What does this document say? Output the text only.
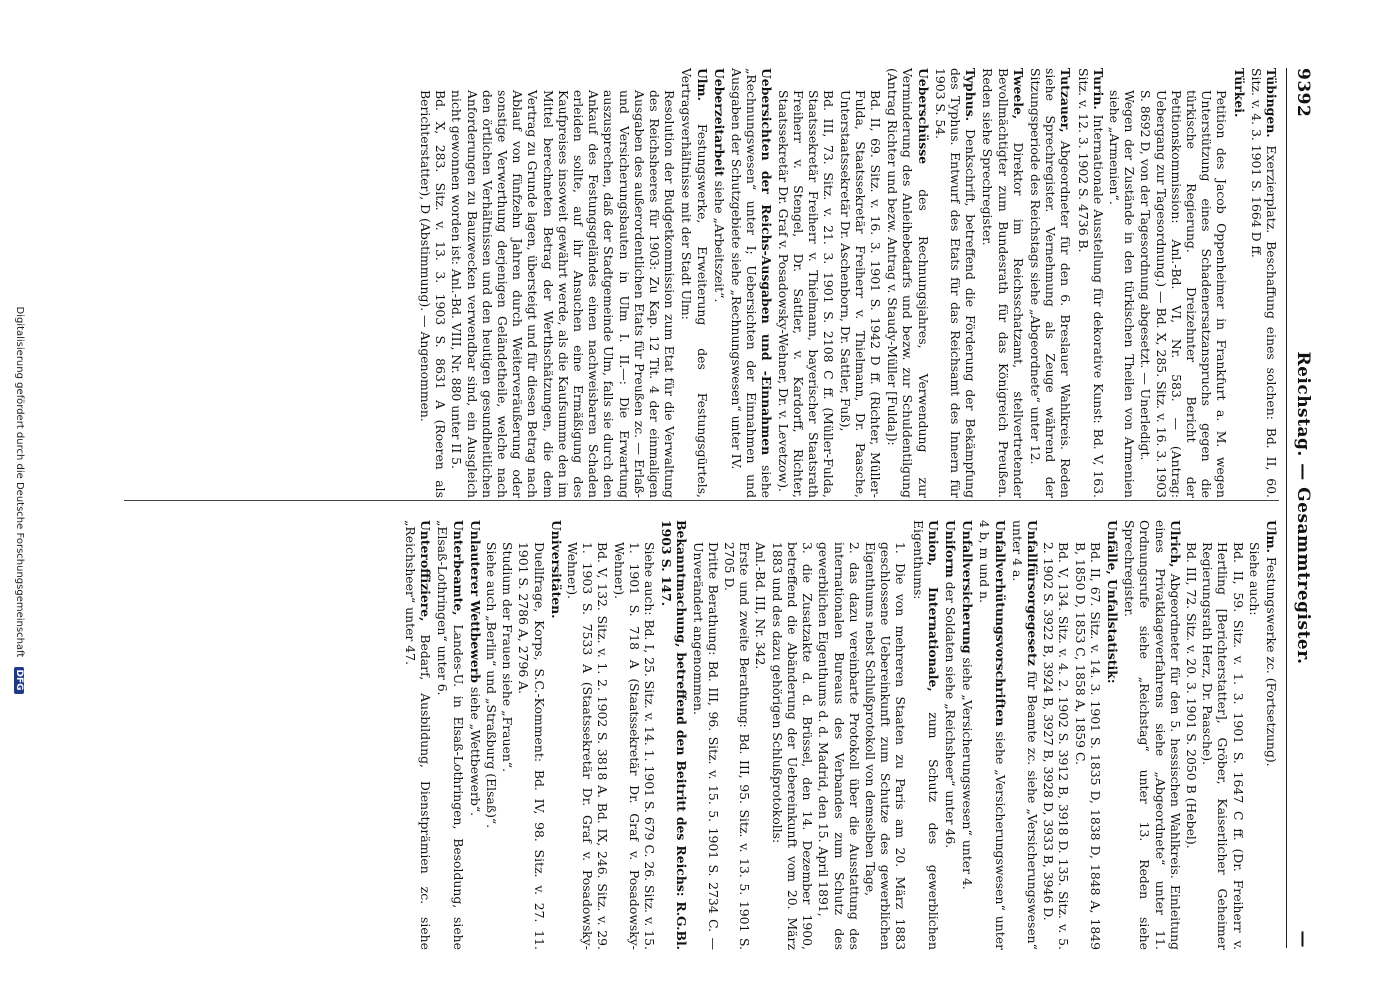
9392
Reichstag. — Gesammtregister.
—

Tübingen. Exerzierplatz. Beschaffung eines solchen: Bd. II, 60. Sitz. v. 4. 3. 1901 S. 1664 D ff.

Türkei.

Petition des Jacob Oppenheimer in Frankfurt a. M. wegen Unterstützung eines Schadenersatzanspruchs gegen die türkische Regierung. Dreizehnter Bericht der Petitionskommission: Anl.-Bd. VI, Nr. 583. — (Antrag: Uebergang zur Tagesordnung.) — Bd. X, 285. Sitz. v. 16. 3. 1903 S. 8692 D, von der Tagesordnung abgesetzt. — Unerledigt.

Wegen der Zustände in den türkischen Theilen von Armenien siehe „Armenien“.

Turin. Internationale Ausstellung für dekorative Kunst: Bd. V, 163. Sitz. v. 12. 3. 1902 S. 4736 B.

Tutzauer, Abgeordneter für den 6. Breslauer Wahlkreis. Reden siehe Sprechregister. Vernehmung als Zeuge während der Sitzungsperiode des Reichstags siehe „Abgeordnete“ unter 12.

Tweele, Direktor im Reichsschatzamt, stellvertretender Bevollmächtigter zum Bundesrath für das Königreich Preußen. Reden siehe Sprechregister.

Typhus. Denkschrift, betreffend die Förderung der Bekämpfung des Typhus. Entwurf des Etats für das Reichsamt des Innern für 1903 S. 54.

Ueberschüsse des Rechnungsjahres, Verwendung zur Verminderung des Anleihebedarfs und bezw. zur Schuldentilgung (Antrag Richter und bezw. Antrag v. Staudy-Müller [Fulda]):

Bd. II, 69. Sitz. v. 16. 3. 1901 S. 1942 D ff. (Richter, Müller-Fulda, Staatssekretär Freiherr v. Thielmann, Dr. Paasche, Unterstaatssekretär Dr. Aschenborn, Dr. Sattler, Fuß),

Bd. III, 73. Sitz. v. 21. 3. 1901 S. 2108 C ff. (Müller-Fulda, Staatssekretär Freiherr v. Thielmann, bayerischer Staatsrath Freiherr v. Stengel, Dr. Sattler, v. Kardorff, Richter, Staatssekretär Dr. Graf v. Posadowsky-Wehner, Dr. v. Levetzow).

Uebersichten der Reichs-Ausgaben und -Einnahmen siehe „Rechnungswesen“ unter I; Uebersichten der Einnahmen und Ausgaben der Schutzgebiete siehe „Rechnungswesen“ unter IV.

Ueberzeitarbeit siehe „Arbeitszeit“.

Ulm. Festungswerke, Erweiterung des Festungsgürtels, Vertragsverhältnisse mit der Stadt Ulm:

Resolution der Budgetkommission zum Etat für die Verwaltung des Reichsheeres für 1903: Zu Kap. 12 Tit. 4 der einmaligen Ausgaben des außerordentlichen Etats für Preußen zc. — Erlaß- und Versicherungsbauten in Ulm I. II.—: Die Erwartung auszusprechen, daß der Stadtgemeinde Ulm, falls sie durch den Ankauf des Festungsgeländes einen nachweisbaren Schaden erleiden sollte, auf ihr Ansuchen eine Ermäßigung des Kaufpreises insoweit gewährt werde, als die Kaufsumme den im Mittel berechneten Betrag der Werthschätzungen, die dem Vertrag zu Grunde lagen, übersteigt und für diesen Betrag nach Ablauf von fünfzehn Jahren durch Weiterveräußerung oder sonstige Verwerthung derjenigen Geländetheile, welche nach den örtlichen Verhältnissen und den heutigen gesundheitlichen Anforderungen zu Bauzwecken verwendbar sind, ein Ausgleich nicht gewonnen worden ist: Anl.-Bd. VIII, Nr. 880 unter II 5.

Bd. X, 283. Sitz. v. 13. 3. 1903 S. 8631 A (Roeren als Berichterstatter), D (Abstimmung). — Angenommen.

Ulm. Festungswerke zc. (Fortsetzung).

Siehe auch:

Bd. II, 59. Sitz. v. 1. 3. 1901 S. 1647 C ff. (Dr. Freiherr v. Hertling [Berichterstatter], Gröber, Kaiserlicher Geheimer Regierungsrath Herz, Dr. Paasche).

Bd. III, 72. Sitz. v. 20. 3. 1901 S. 2050 B (Hebel).

Ulrich, Abgeordneter für den 5. hessischen Wahlkreis. Einleitung eines Privatklageverfahrens siehe „Abgeordnete“ unter 11. Ordnungsrufe siehe „Reichstag“ unter 13. Reden siehe Sprechregister.

Unfälle, Unfallstatistik:

Bd. II, 67. Sitz. v. 14. 3. 1901 S. 1835 D, 1838 D, 1848 A, 1849 B, 1850 D, 1853 C, 1858 A, 1859 C.

Bd. V, 134. Sitz. v. 4. 2. 1902 S. 3912 B, 3918 D. 135. Sitz. v. 5. 2. 1902 S. 3922 B, 3924 B, 3927 B, 3928 D, 3933 B, 3946 D.

Unfallfürsorgegesetz für Beamte zc. siehe „Versicherungswesen“ unter 4 a.

Unfallverhütungsvorschriften siehe „Versicherungswesen“ unter 4 b, m und n.

Unfallversicherung siehe „Versicherungswesen“ unter 4.

Uniform der Soldaten siehe „Reichsheer“ unter 46.

Union, Internationale, zum Schutz des gewerblichen Eigenthums:

1. Die von mehreren Staaten zu Paris am 20. März 1883 geschlossene Uebereinkunft zum Schutze des gewerblichen Eigenthums nebst Schlußprotokoll von demselben Tage,

2. das dazu vereinbarte Protokoll über die Ausstattung des internationalen Bureaus des Verbandes zum Schutz des gewerblichen Eigenthums d. d. Madrid, den 15. April 1891,

3. die Zusatzakte d. d. Brüssel, den 14. Dezember 1900, betreffend die Abänderung der Uebereinkunft vom 20. März 1883 und des dazu gehörigen Schlußprotokolls:

Anl.-Bd. III, Nr. 342.

Erste und zweite Berathung: Bd. III, 95. Sitz. v. 13. 5. 1901 S. 2705 D.

Dritte Berathung: Bd. III, 96. Sitz. v. 15. 5. 1901 S. 2734 C. — Unverändert angenommen.

Bekanntmachung, betreffend den Beitritt des Reichs: R.G.Bl. 1903 S. 147.

Siehe auch: Bd. I, 25. Sitz. v. 14. 1. 1901 S. 679 C. 26. Sitz. v. 15. 1. 1901 S. 718 A (Staatssekretär Dr. Graf v. Posadowsky-Wehner).

Bd. V, 132. Sitz. v. 1. 2. 1902 S. 3818 A. Bd. IX, 246. Sitz. v. 29. 1. 1903 S. 7533 A (Staatssekretär Dr. Graf v. Posadowsky-Wehner).

Universitäten.

Duellfrage, Korps, S.C.-Komment: Bd. IV, 98. Sitz. v. 27. 11. 1901 S. 2786 A, 2796 A.

Studium der Frauen siehe „Frauen“.

Siehe auch „Berlin“ und „Straßburg (Elsaß)“.

Unlauterer Wettbewerb siehe „Wettbewerb“.

Unterbeamte, Landes-U. in Elsaß-Lothringen, Besoldung, siehe „Elsaß-Lothringen“ unter 6.

Unteroffiziere, Bedarf, Ausbildung, Dienstprämien zc. siehe „Reichsheer“ unter 47.

Digitalisierung gefördert durch die Deutsche Forschungsgemeinschaft DFG
